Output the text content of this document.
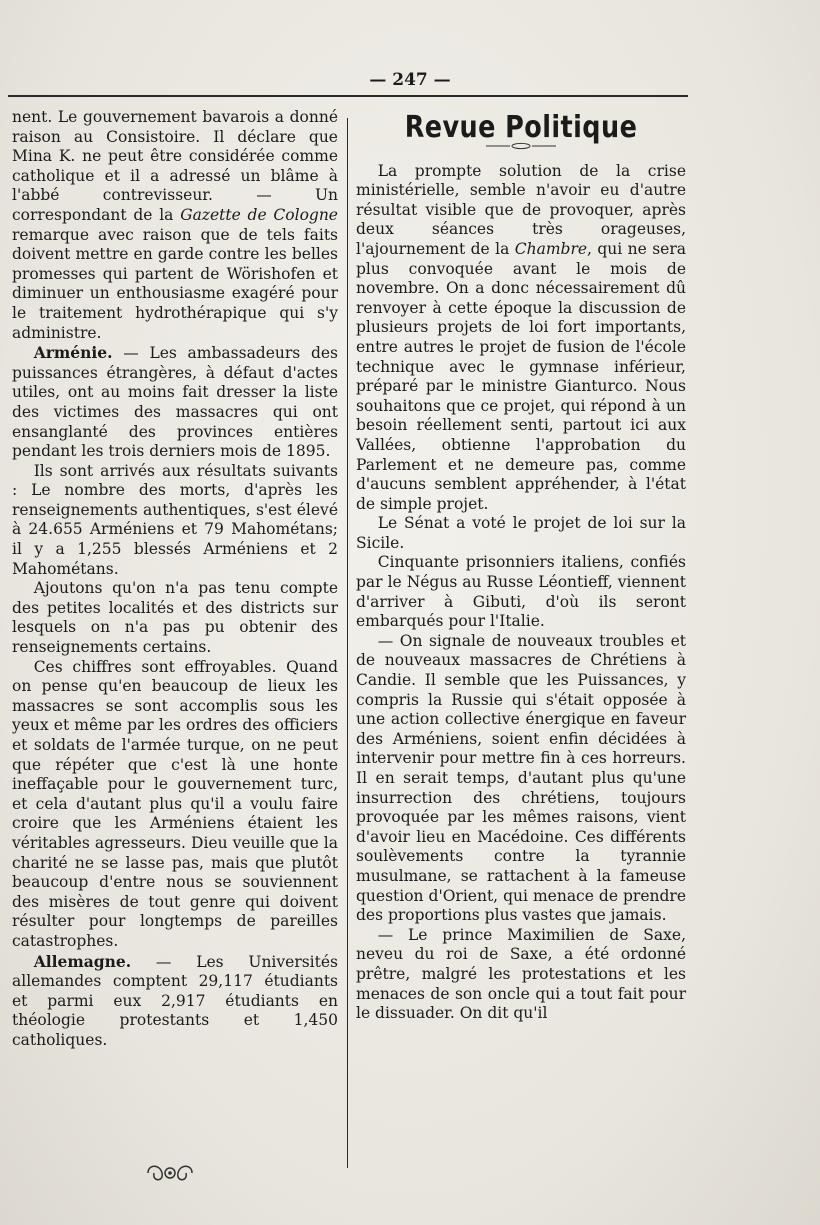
— 247 —

nent. Le gouvernement bavarois a donné raison au Consistoire. Il déclare que Mina K. ne peut être considérée comme catholique et il a adressé un blâme à l'abbé contrevisseur. — Un correspondant de la Gazette de Cologne remarque avec raison que de tels faits doivent mettre en garde contre les belles promesses qui partent de Wörishofen et diminuer un enthousiasme exagéré pour le traitement hydrothérapique qui s'y administre.

Arménie. — Les ambassadeurs des puissances étrangères, à défaut d'actes utiles, ont au moins fait dresser la liste des victimes des massacres qui ont ensanglanté des provinces entières pendant les trois derniers mois de 1895.

Ils sont arrivés aux résultats suivants : Le nombre des morts, d'après les renseignements authentiques, s'est élevé à 24.655 Arméniens et 79 Mahométans; il y a 1,255 blessés Arméniens et 2 Mahométans.

Ajoutons qu'on n'a pas tenu compte des petites localités et des districts sur lesquels on n'a pas pu obtenir des renseignements certains.

Ces chiffres sont effroyables. Quand on pense qu'en beaucoup de lieux les massacres se sont accomplis sous les yeux et même par les ordres des officiers et soldats de l'armée turque, on ne peut que répéter que c'est là une honte ineffaçable pour le gouvernement turc, et cela d'autant plus qu'il a voulu faire croire que les Arméniens étaient les véritables agresseurs. Dieu veuille que la charité ne se lasse pas, mais que plutôt beaucoup d'entre nous se souviennent des misères de tout genre qui doivent résulter pour longtemps de pareilles catastrophes.

Allemagne. — Les Universités allemandes comptent 29,117 étudiants et parmi eux 2,917 étudiants en théologie protestants et 1,450 catholiques.

Revue Politique

La prompte solution de la crise ministérielle, semble n'avoir eu d'autre résultat visible que de provoquer, après deux séances très orageuses, l'ajournement de la Chambre, qui ne sera plus convoquée avant le mois de novembre. On a donc nécessairement dû renvoyer à cette époque la discussion de plusieurs projets de loi fort importants, entre autres le projet de fusion de l'école technique avec le gymnase inférieur, préparé par le ministre Gianturco. Nous souhaitons que ce projet, qui répond à un besoin réellement senti, partout ici aux Vallées, obtienne l'approbation du Parlement et ne demeure pas, comme d'aucuns semblent appréhender, à l'état de simple projet.

Le Sénat a voté le projet de loi sur la Sicile.

Cinquante prisonniers italiens, confiés par le Négus au Russe Léontieff, viennent d'arriver à Gibuti, d'où ils seront embarqués pour l'Italie.

— On signale de nouveaux troubles et de nouveaux massacres de Chrétiens à Candie. Il semble que les Puissances, y compris la Russie qui s'était opposée à une action collective énergique en faveur des Arméniens, soient enfin décidées à intervenir pour mettre fin à ces horreurs. Il en serait temps, d'autant plus qu'une insurrection des chrétiens, toujours provoquée par les mêmes raisons, vient d'avoir lieu en Macédoine. Ces différents soulèvements contre la tyrannie musulmane, se rattachent à la fameuse question d'Orient, qui menace de prendre des proportions plus vastes que jamais.

— Le prince Maximilien de Saxe, neveu du roi de Saxe, a été ordonné prêtre, malgré les protestations et les menaces de son oncle qui a tout fait pour le dissuader. On dit qu'il
